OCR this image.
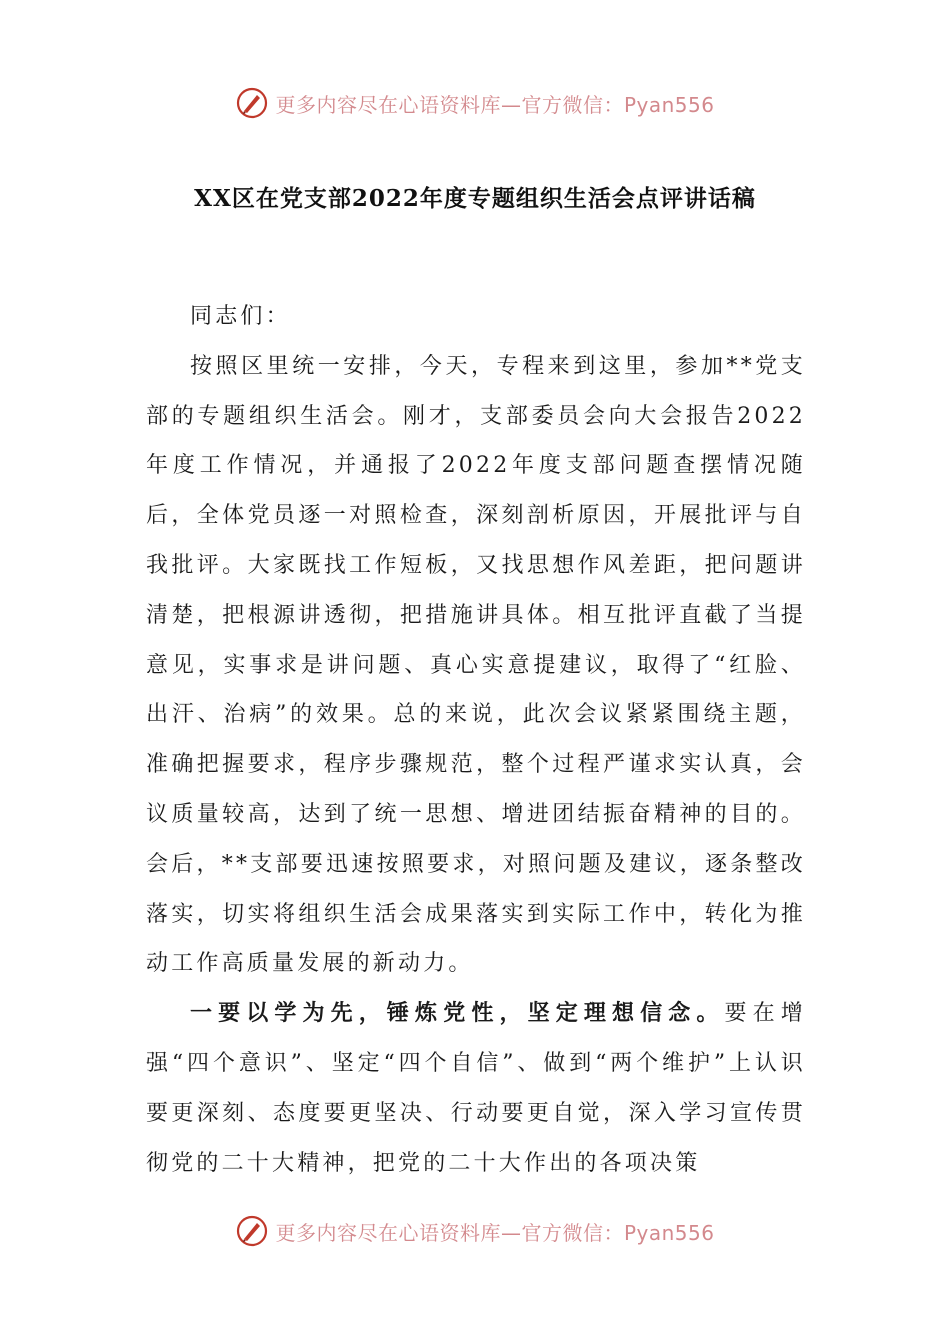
更多内容尽在心语资料库—官方微信：Pyan556
XX区在党支部2022年度专题组织生活会点评讲话稿

同志们：

按照区里统一安排，今天，专程来到这里，参加**党支部的专题组织生活会。刚才，支部委员会向大会报告2022年度工作情况，并通报了2022年度支部问题查摆情况随后，全体党员逐一对照检查，深刻剖析原因，开展批评与自我批评。大家既找工作短板，又找思想作风差距，把问题讲清楚，把根源讲透彻，把措施讲具体。相互批评直截了当提意见，实事求是讲问题、真心实意提建议，取得了“红脸、出汗、治病”的效果。总的来说，此次会议紧紧围绕主题，准确把握要求，程序步骤规范，整个过程严谨求实认真，会议质量较高，达到了统一思想、增进团结振奋精神的目的。会后，**支部要迅速按照要求，对照问题及建议，逐条整改落实，切实将组织生活会成果落实到实际工作中，转化为推动工作高质量发展的新动力。

一要以学为先，锤炼党性，坚定理想信念。要在增强“四个意识”、坚定“四个自信”、做到“两个维护”上认识要更深刻、态度要更坚决、行动要更自觉，深入学习宣传贯彻党的二十大精神，把党的二十大作出的各项决策

更多内容尽在心语资料库—官方微信：Pyan556
